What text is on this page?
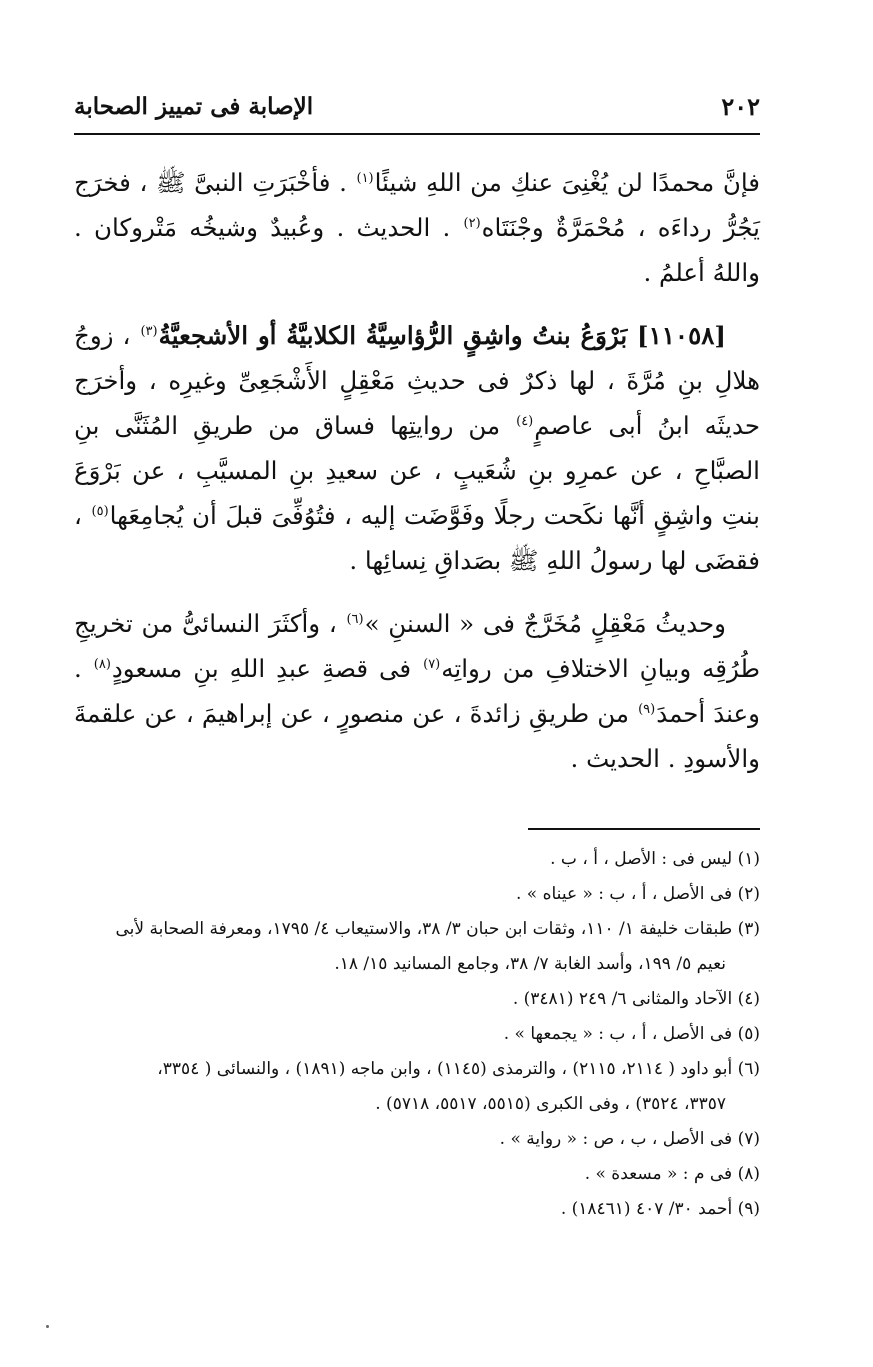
٢٠٢
الإصابة فى تمييز الصحابة

فإنَّ محمدًا لن يُغْنِىَ عنكِ من اللهِ شيئًا$^{(١)}$ . فأخْبَرَتِ النبىَّ ﷺ ، فخرَج يَجُرُّ رداءَه ، مُحْمَرَّةٌ وجْنَتَاه$^{(٢)}$ . الحديث . وعُبيدٌ وشيخُه مَتْروكان . واللهُ أعلمُ .

[١١٠٥٨] بَرْوَعُ بنتُ واشِقٍ الرُّؤاسِيَّةُ الكلابيَّةُ أو الأشجعيَّةُ$^{(٣)}$ ، زوجُ هلالِ بنِ مُرَّةَ ، لها ذكرٌ فى حديثِ مَعْقِلٍ الأَشْجَعِىِّ وغيرِه ، وأخرَج حديثَه ابنُ أبى عاصمٍ$^{(٤)}$ من روايتِها فساق من طريقِ المُثَنَّى بنِ الصبَّاحِ ، عن عمرِو بنِ شُعَيبٍ ، عن سعيدِ بنِ المسيَّبِ ، عن بَرْوَعَ بنتِ واشِقٍ أنَّها نكَحت رجلًا وفَوَّضَت إليه ، فتُوُفِّىَ قبلَ أن يُجامِعَها$^{(٥)}$ ، فقضَى لها رسولُ اللهِ ﷺ بصَداقِ نِسائِها .

وحديثُ مَعْقِلٍ مُخَرَّجٌ فى « السننِ »$^{(٦)}$ ، وأكثَرَ النسائىُّ من تخريجِ طُرُقِه وبيانِ الاختلافِ من رواتِه$^{(٧)}$ فى قصةِ عبدِ اللهِ بنِ مسعودٍ$^{(٨)}$ . وعندَ أحمدَ$^{(٩)}$ من طريقِ زائدةَ ، عن منصورٍ ، عن إبراهيمَ ، عن علقمةَ والأسودِ . الحديث .

(١) ليس فى : الأصل ، أ ، ب .

(٢) فى الأصل ، أ ، ب : « عيناه » .

(٣) طبقات خليفة ١/ ١١٠، وثقات ابن حبان ٣/ ٣٨، والاستيعاب ٤/ ١٧٩٥، ومعرفة الصحابة لأبى
نعيم ٥/ ١٩٩، وأسد الغابة ٧/ ٣٨، وجامع المسانيد ١٥/ ١٨.

(٤) الآحاد والمثانى ٦/ ٢٤٩ (٣٤٨١) .

(٥) فى الأصل ، أ ، ب : « يجمعها » .

(٦) أبو داود ( ٢١١٤، ٢١١٥) ، والترمذى (١١٤٥) ، وابن ماجه (١٨٩١) ، والنسائى ( ٣٣٥٤،
٣٣٥٧، ٣٥٢٤) ، وفى الكبرى (٥٥١٥، ٥٥١٧، ٥٧١٨) .

(٧) فى الأصل ، ب ، ص : « رواية » .

(٨) فى م : « مسعدة » .

(٩) أحمد ٣٠/ ٤٠٧ (١٨٤٦١) .
